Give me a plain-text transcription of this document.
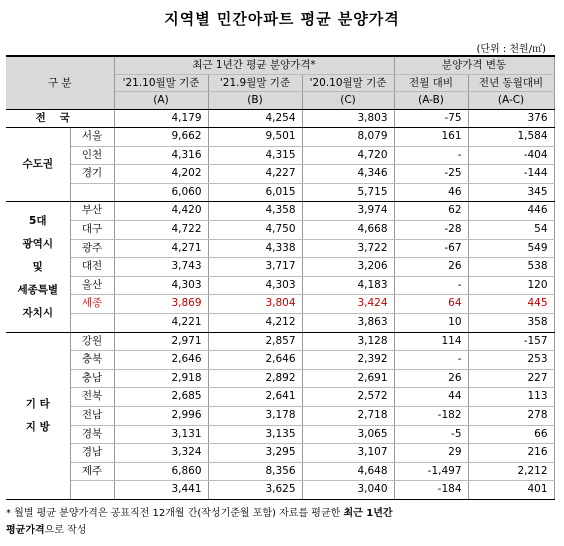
지역별 민간아파트 평균 분양가격
(단위 : 천원/㎡)
구 분		최근 1년간 평균 분양가격*			분양가격 변동	
		'21.10월말 기준	'21.9월말 기준	'20.10월말 기준	전월 대비	전년 동월대비
		(A)	(B)	(C)	(A-B)	(A-C)
전국		4,179	4,254	3,803	-75	376
수도권	서울	9,662	9,501	8,079	161	1,584
	인천	4,316	4,315	4,720	-	-404
	경기	4,202	4,227	4,346	-25	-144
		6,060	6,015	5,715	46	345
5대
광역시
및
세종특별
자치시	부산	4,420	4,358	3,974	62	446
	대구	4,722	4,750	4,668	-28	54
	광주	4,271	4,338	3,722	-67	549
	대전	3,743	3,717	3,206	26	538
	울산	4,303	4,303	4,183	-	120
	세종	3,869	3,804	3,424	64	445
		4,221	4,212	3,863	10	358
기 타
지 방	강원	2,971	2,857	3,128	114	-157
	충북	2,646	2,646	2,392	-	253
	충남	2,918	2,892	2,691	26	227
	전북	2,685	2,641	2,572	44	113
	전남	2,996	3,178	2,718	-182	278
	경북	3,131	3,135	3,065	-5	66
	경남	3,324	3,295	3,107	29	216
	제주	6,860	8,356	4,648	-1,497	2,212
		3,441	3,625	3,040	-184	401
* 월별 평균 분양가격은 공표직전 12개월 간(작성기준월 포함) 자료를 평균한 최근 1년간
평균가격으로 작성
